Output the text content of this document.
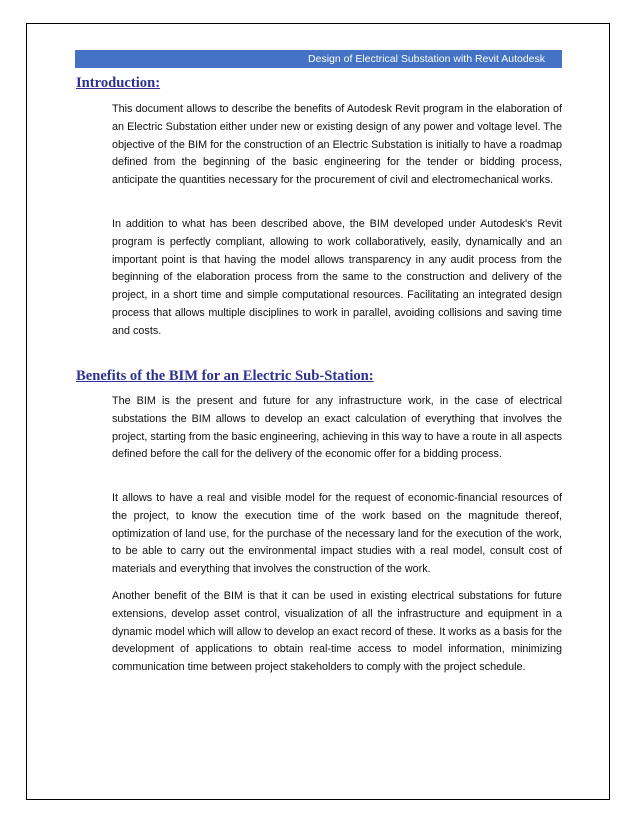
Design of Electrical Substation with Revit Autodesk
Introduction:

This document allows to describe the benefits of Autodesk Revit program in the elaboration of an Electric Substation either under new or existing design of any power and voltage level. The objective of the BIM for the construction of an Electric Substation is initially to have a roadmap defined from the beginning of the basic engineering for the tender or bidding process, anticipate the quantities necessary for the procurement of civil and electromechanical works.

In addition to what has been described above, the BIM developed under Autodesk's Revit program is perfectly compliant, allowing to work collaboratively, easily, dynamically and an important point is that having the model allows transparency in any audit process from the beginning of the elaboration process from the same to the construction and delivery of the project, in a short time and simple computational resources. Facilitating an integrated design process that allows multiple disciplines to work in parallel, avoiding collisions and saving time and costs.

Benefits of the BIM for an Electric Sub-Station:

The BIM is the present and future for any infrastructure work, in the case of electrical substations the BIM allows to develop an exact calculation of everything that involves the project, starting from the basic engineering, achieving in this way to have a route in all aspects defined before the call for the delivery of the economic offer for a bidding process.

It allows to have a real and visible model for the request of economic-financial resources of the project, to know the execution time of the work based on the magnitude thereof, optimization of land use, for the purchase of the necessary land for the execution of the work, to be able to carry out the environmental impact studies with a real model, consult cost of materials and everything that involves the construction of the work.

Another benefit of the BIM is that it can be used in existing electrical substations for future extensions, develop asset control, visualization of all the infrastructure and equipment in a dynamic model which will allow to develop an exact record of these. It works as a basis for the development of applications to obtain real-time access to model information, minimizing communication time between project stakeholders to comply with the project schedule.
